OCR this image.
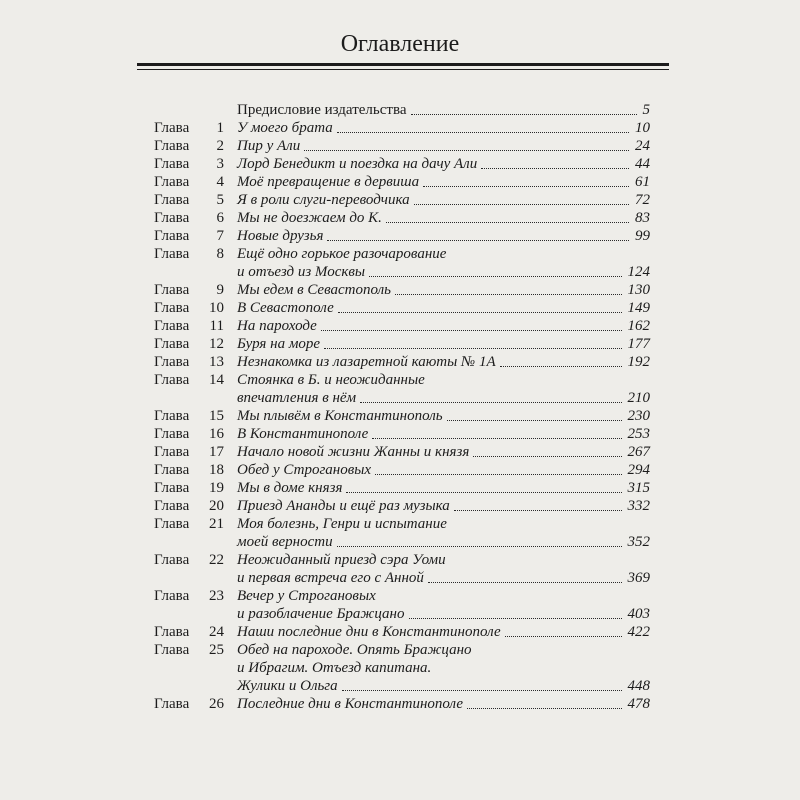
Оглавление
Предисловие издательства	5
Глава	1 У моего брата	10
Глава	2 Пир у Али	24
Глава	3 Лорд Бенедикт и поездка на дачу Али	44
Глава	4 Моё превращение в дервиша	61
Глава	5 Я в роли слуги-переводчика	72
Глава	6 Мы не доезжаем до К.	83
Глава	7 Новые друзья	99
Глава	8 Ещё одно горькое разочарование
и отъезд из Москвы	124
Глава	9 Мы едем в Севастополь	130
Глава	10 В Севастополе	149
Глава	11 На пароходе	162
Глава	12 Буря на море	177
Глава	13 Незнакомка из лазаретной каюты № 1А	192
Глава	14 Стоянка в Б. и неожиданные
впечатления в нём	210
Глава	15 Мы плывём в Константинополь	230
Глава	16 В Константинополе	253
Глава	17 Начало новой жизни Жанны и князя	267
Глава	18 Обед у Строгановых	294
Глава	19 Мы в доме князя	315
Глава	20 Приезд Ананды и ещё раз музыка	332
Глава	21 Моя болезнь, Генри и испытание
моей верности	352
Глава	22 Неожиданный приезд сэра Уоми
и первая встреча его с Анной	369
Глава	23 Вечер у Строгановых
и разоблачение Бражцано	403
Глава	24 Наши последние дни в Константинополе	422
Глава	25 Обед на пароходе. Опять Бражцано
и Ибрагим. Отъезд капитана.
Жулики и Ольга	448
Глава	26 Последние дни в Константинополе	478
